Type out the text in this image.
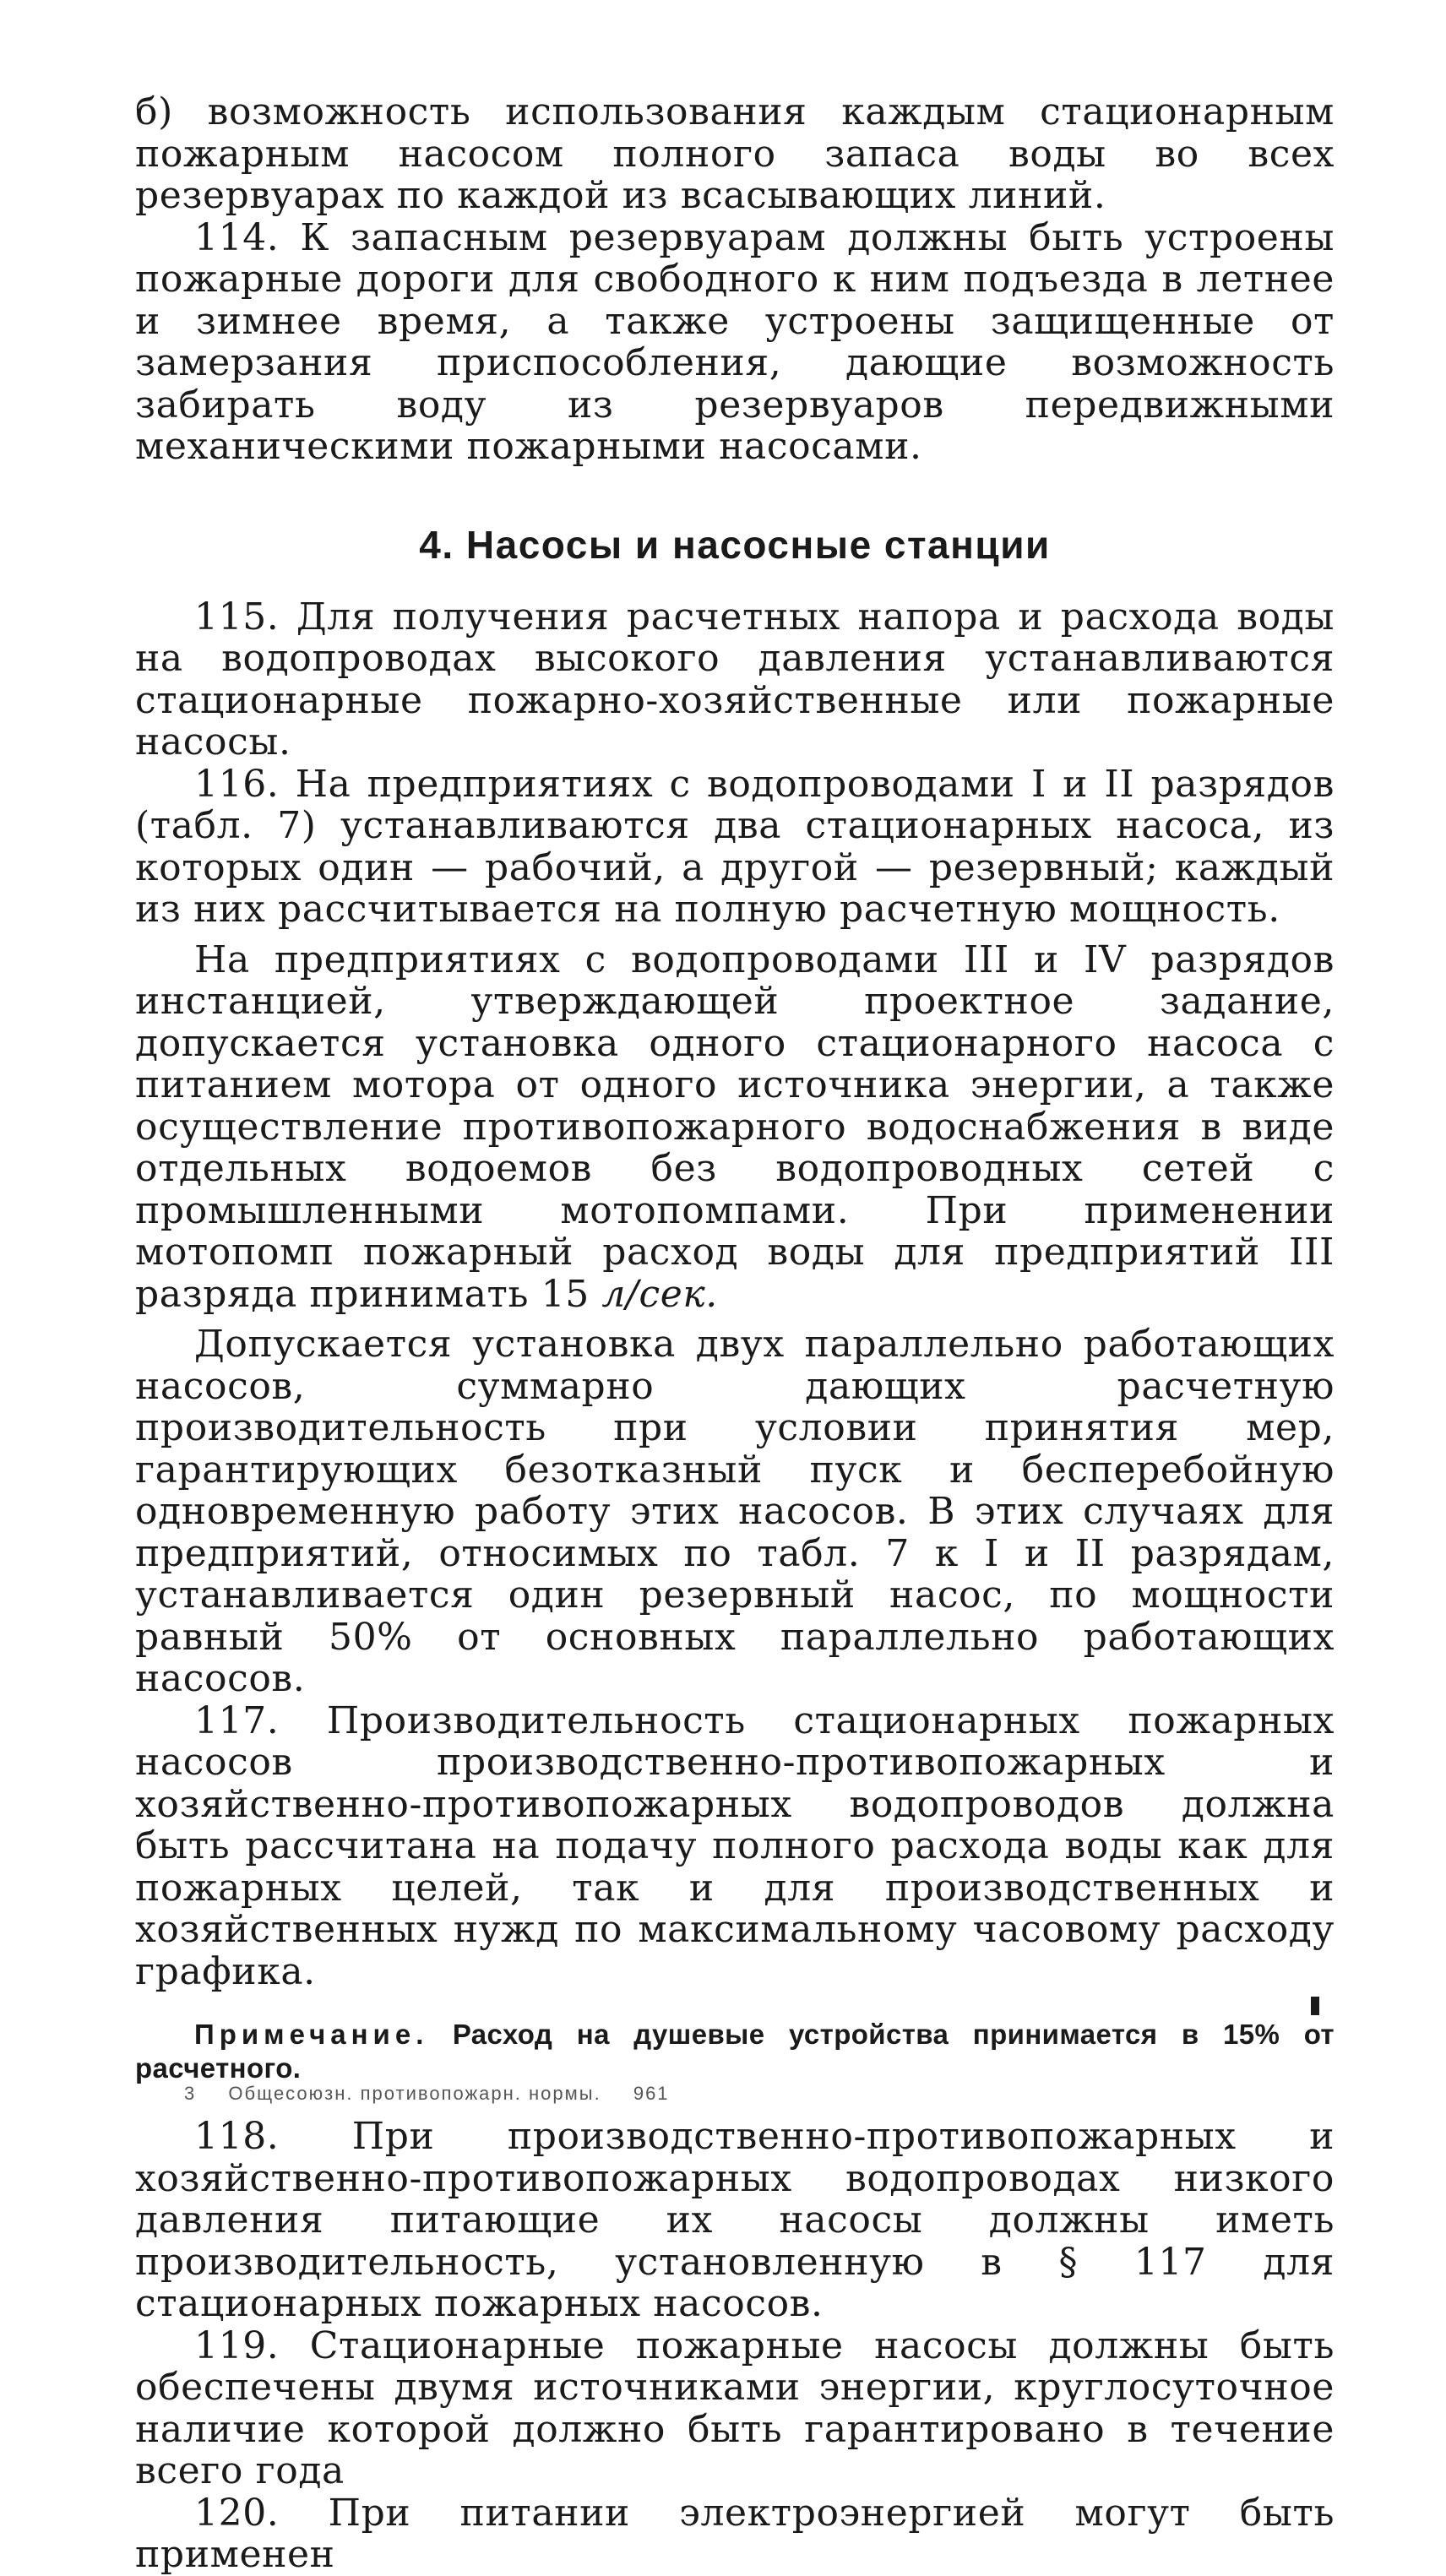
б) возможность использования каждым стационарным пожарным насосом полного запаса воды во всех резервуарах по каждой из всасывающих линий.

114. К запасным резервуарам должны быть устроены пожарные дороги для свободного к ним подъезда в летнее и зимнее время, а также устроены защищенные от замерзания приспособления, дающие возможность забирать воду из резервуаров передвижными механическими пожарными насосами.

4. Насосы и насосные станции

115. Для получения расчетных напора и расхода воды на водопроводах высокого давления устанавливаются стационарные пожарно-хозяйственные или пожарные насосы.

116. На предприятиях с водопроводами I и II разрядов (табл. 7) устанавливаются два стационарных насоса, из которых один — рабочий, а другой — резервный; каждый из них рассчитывается на полную расчетную мощность.

На предприятиях с водопроводами III и IV разрядов инстанцией, утверждающей проектное задание, допускается установка одного стационарного насоса с питанием мотора от одного источника энергии, а также осуществление противопожарного водоснабжения в виде отдельных водоемов без водопроводных сетей с промышленными мотопомпами. При применении мотопомп пожарный расход воды для предприятий III разряда принимать 15 л/сек.

Допускается установка двух параллельно работающих насосов, суммарно дающих расчетную производительность при условии принятия мер, гарантирующих безотказный пуск и бесперебойную одновременную работу этих насосов. В этих случаях для предприятий, относимых по табл. 7 к I и II разрядам, устанавливается один резервный насос, по мощности равный 50% от основных параллельно работающих насосов.

117. Производительность стационарных пожарных насосов производственно-противопожарных и хозяйственно-противопожарных водопроводов должна быть рассчитана на подачу полного расхода воды как для пожарных целей, так и для производственных и хозяйственных нужд по максимальному часовому расходу графика.

Примечание. Расход на душевые устройства принимается в 15% от расчетного.

118. При производственно-противопожарных и хозяйственно-противопожарных водопроводах низкого давления питающие их насосы должны иметь производительность, установленную в § 117 для стационарных пожарных насосов.

119. Стационарные пожарные насосы должны быть обеспечены двумя источниками энергии, круглосуточное наличие которой должно быть гарантировано в течение всего года

120. При питании электроэнергией могут быть применен

3 Общесоюзн. противопожарн. нормы. 961
